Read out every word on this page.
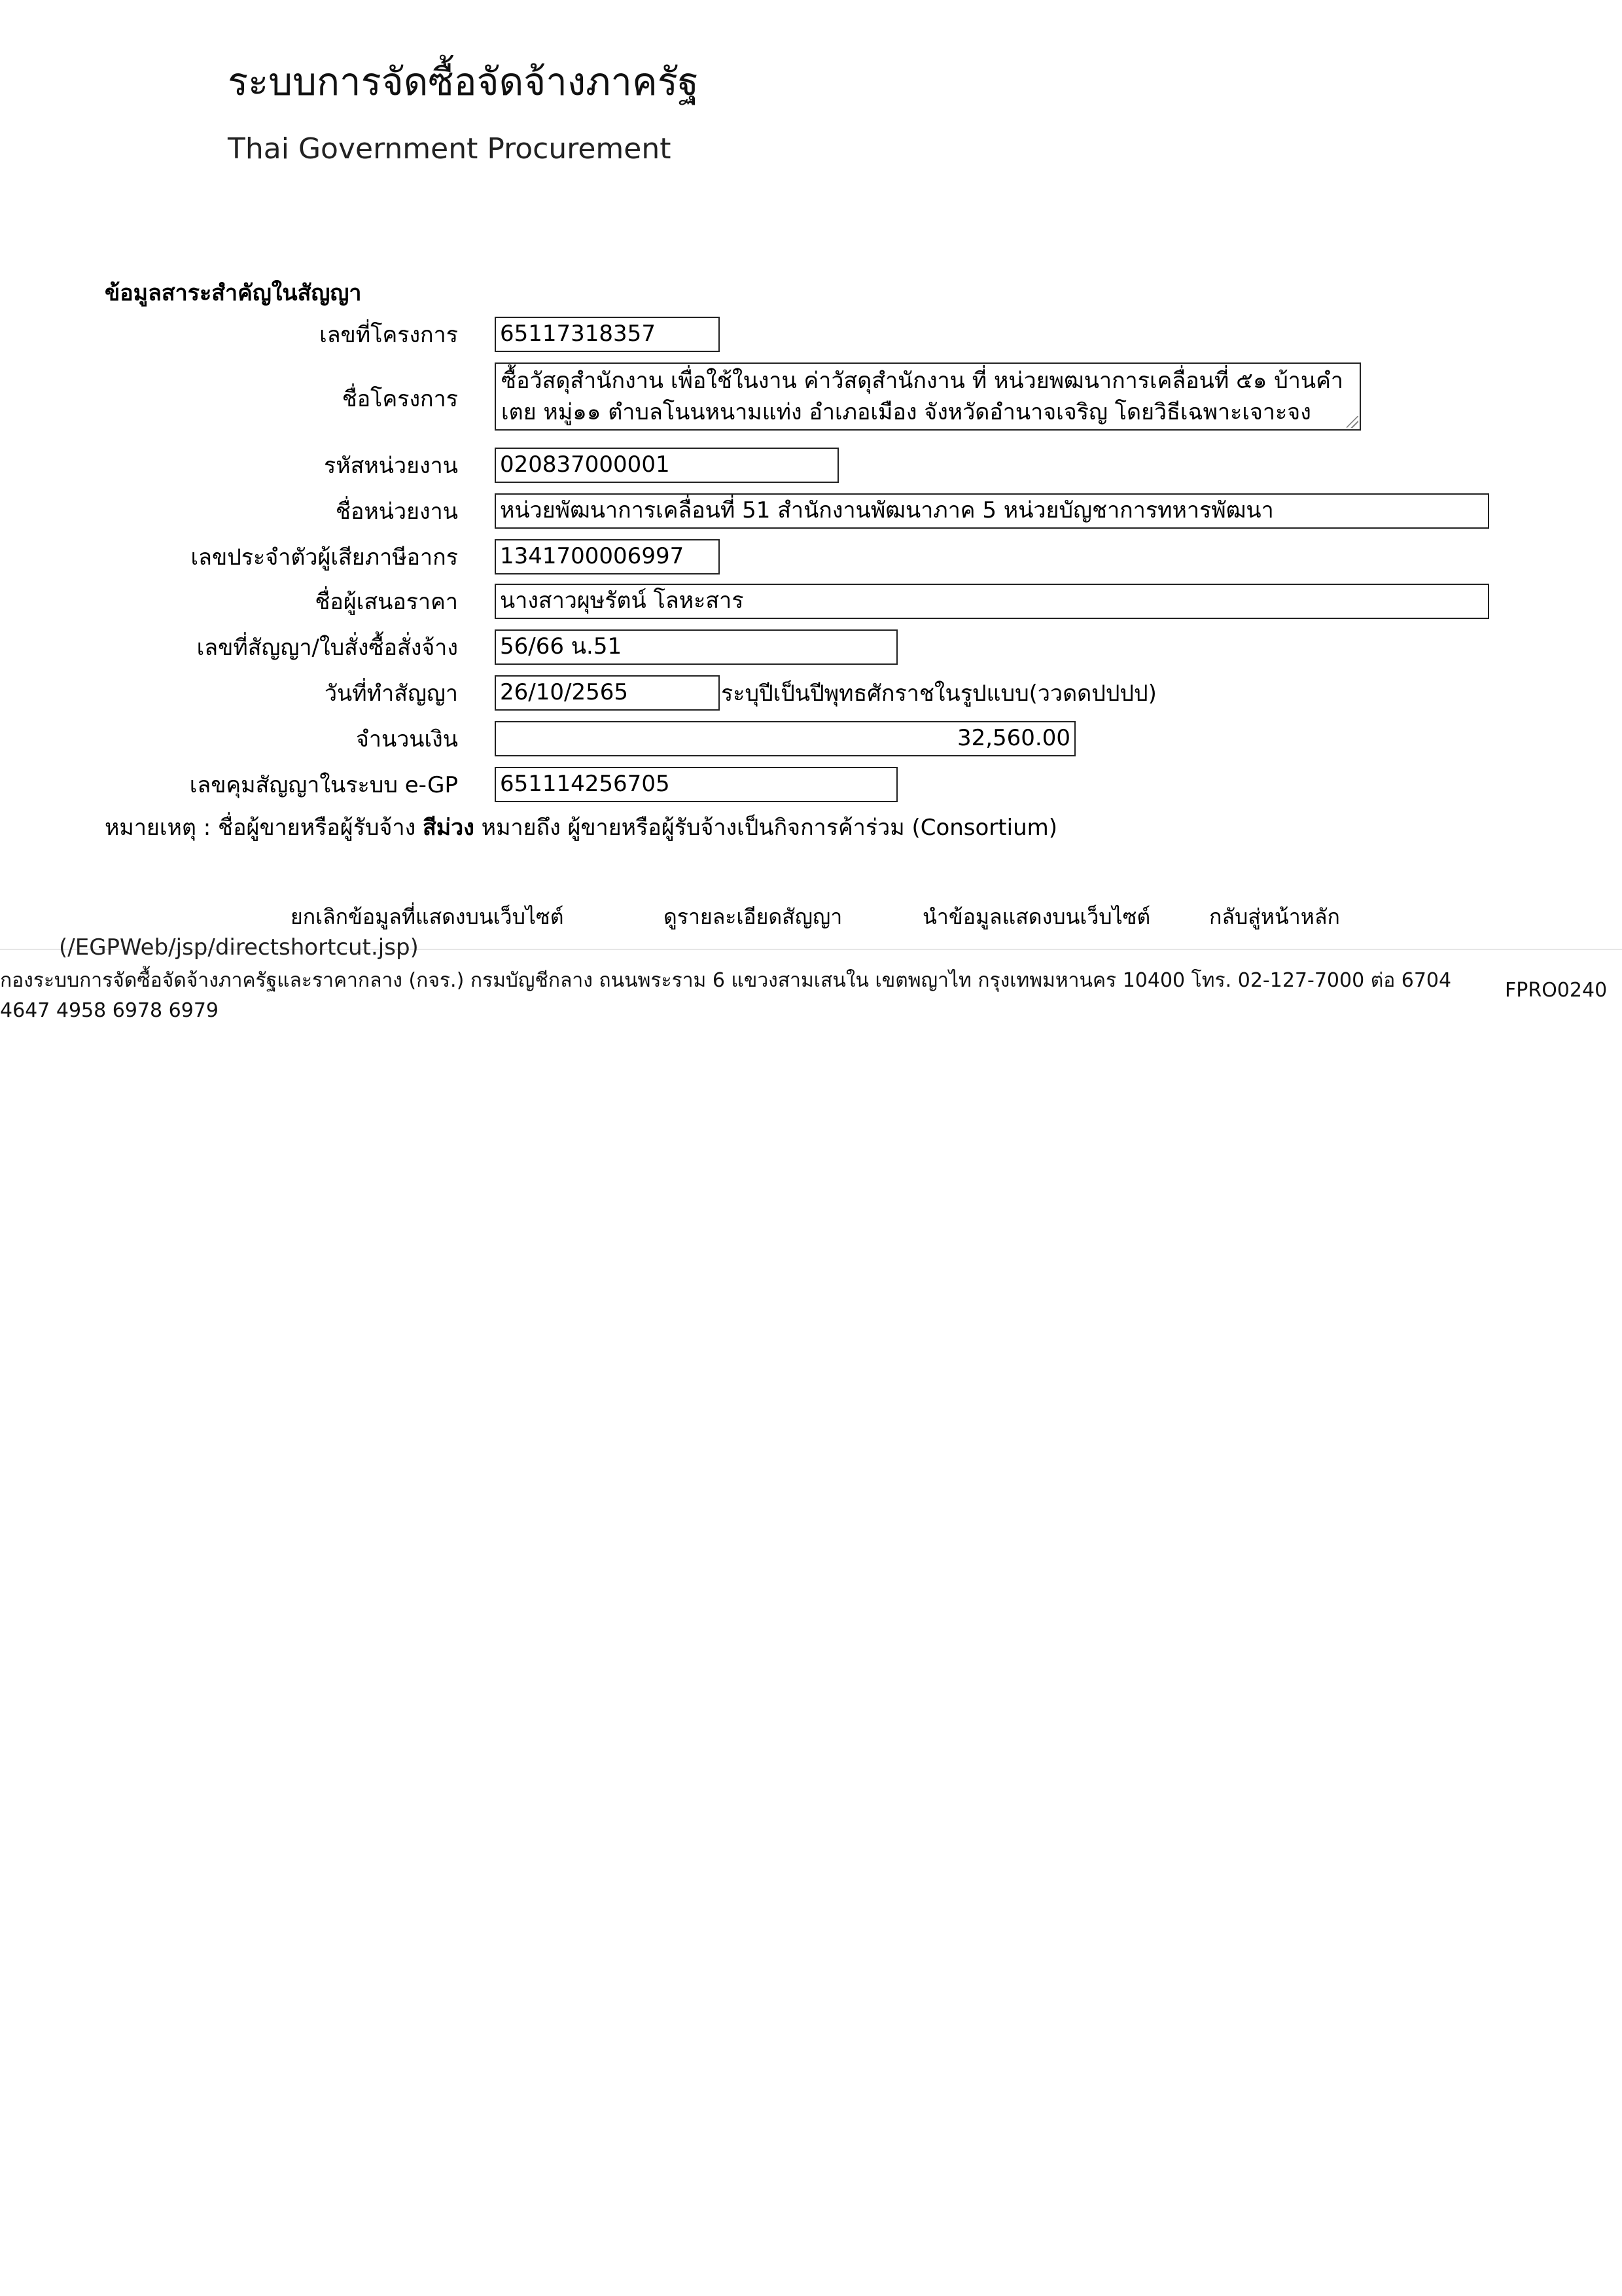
ระบบการจัดซื้อจัดจ้างภาครัฐ
Thai Government Procurement
ข้อมูลสาระสำคัญในสัญญา
เลขที่โครงการ 65117318357
ชื่อโครงการ
ซื้อวัสดุสำนักงาน เพื่อใช้ในงาน ค่าวัสดุสำนักงาน ที่ หน่วยพฒนาการเคลื่อนที่ ๕๑ บ้านคำเตย หมู่๑๑ ตำบลโนนหนามแท่ง อำเภอเมือง จังหวัดอำนาจเจริญ โดยวิธีเฉพาะเจาะจง
รหัสหน่วยงาน 020837000001
ชื่อหน่วยงาน หน่วยพัฒนาการเคลื่อนที่ 51 สำนักงานพัฒนาภาค 5 หน่วยบัญชาการทหารพัฒนา
เลขประจำตัวผู้เสียภาษีอากร 1341700006997
ชื่อผู้เสนอราคา นางสาวผุษรัตน์ โลหะสาร
เลขที่สัญญา/ใบสั่งซื้อสั่งจ้าง 56/66 น.51
วันที่ทำสัญญา 26/10/2565	ระบุปีเป็นปีพุทธศักราชในรูปแบบ(ววดดปปปป)
จำนวนเงิน	32,560.00
เลขคุมสัญญาในระบบ e-GP 651114256705
หมายเหตุ : ชื่อผู้ขายหรือผู้รับจ้าง สีม่วง หมายถึง ผู้ขายหรือผู้รับจ้างเป็นกิจการค้าร่วม (Consortium)
ยกเลิกข้อมูลที่แสดงบนเว็บไซต์	ดูรายละเอียดสัญญา	นำข้อมูลแสดงบนเว็บไซต์	กลับสู่หน้าหลัก
(/EGPWeb/jsp/directshortcut.jsp)
กองระบบการจัดซื้อจัดจ้างภาครัฐและราคากลาง (กจร.) กรมบัญชีกลาง ถนนพระราม 6 แขวงสามเสนใน เขตพญาไท กรุงเทพมหานคร 10400 โทร. 02-127-7000 ต่อ 6704 4647 4958 6978 6979
FPRO0240
